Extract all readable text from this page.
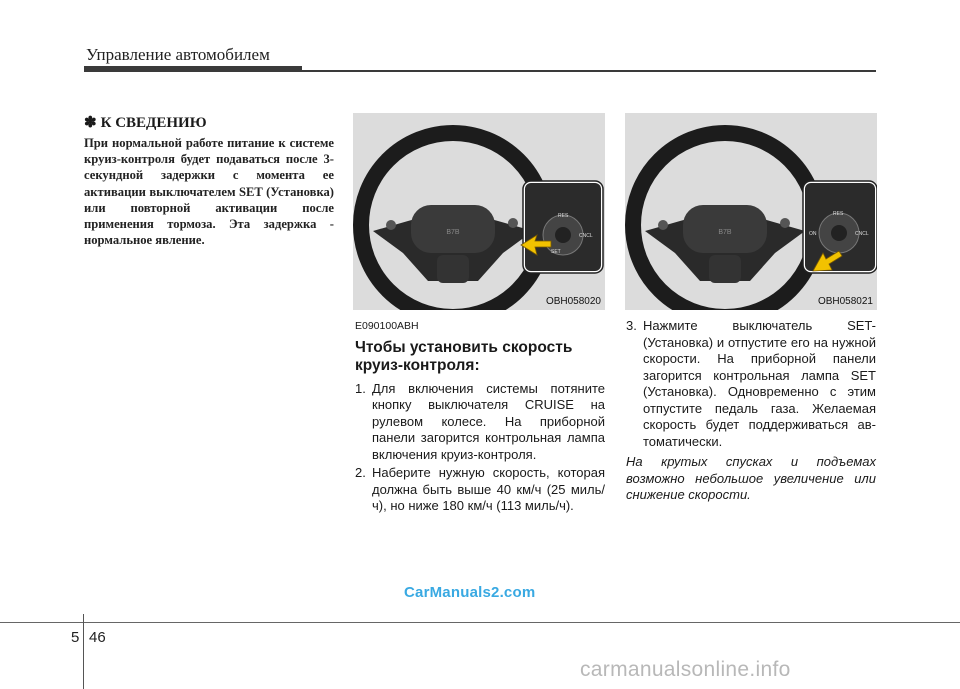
Управление автомобилем
✽ К СВЕДЕНИЮ
При нормальной работе питание к системе круиз-контроля будет подаваться после 3-секундной задержки с момента ее активации выключателем SET (Установка) или повторной активации после применения тормоза. Эта задержка - нормальное явление.
B7B
RES
SET
CNCL
OBH058020
B7B
RES
ON	CNCL
OBH058021
E090100ABH
Чтобы установить скорость круиз-контроля:
1. Для включения системы потяните кнопку выключателя CRUISE на рулевом колесе. На приборной панели загорится контрольная лампа включения круиз-контроля.
2. Наберите нужную скорость, которая должна быть выше 40 км/ч (25 миль/ч), но ниже 180 км/ч (113 миль/ч).
3. Нажмите выключатель SET- (Установка) и отпустите его на нужной скорости. На приборной панели загорится контрольная лампа SET (Установка). Одновременно с этим отпустите педаль газа. Желаемая скорость будет поддерживаться ав- томатически.
На крутых спусках и подъемах возможно небольшое увеличение или снижение скорости.
CarManuals2.com
5 46
carmanualsonline.info
